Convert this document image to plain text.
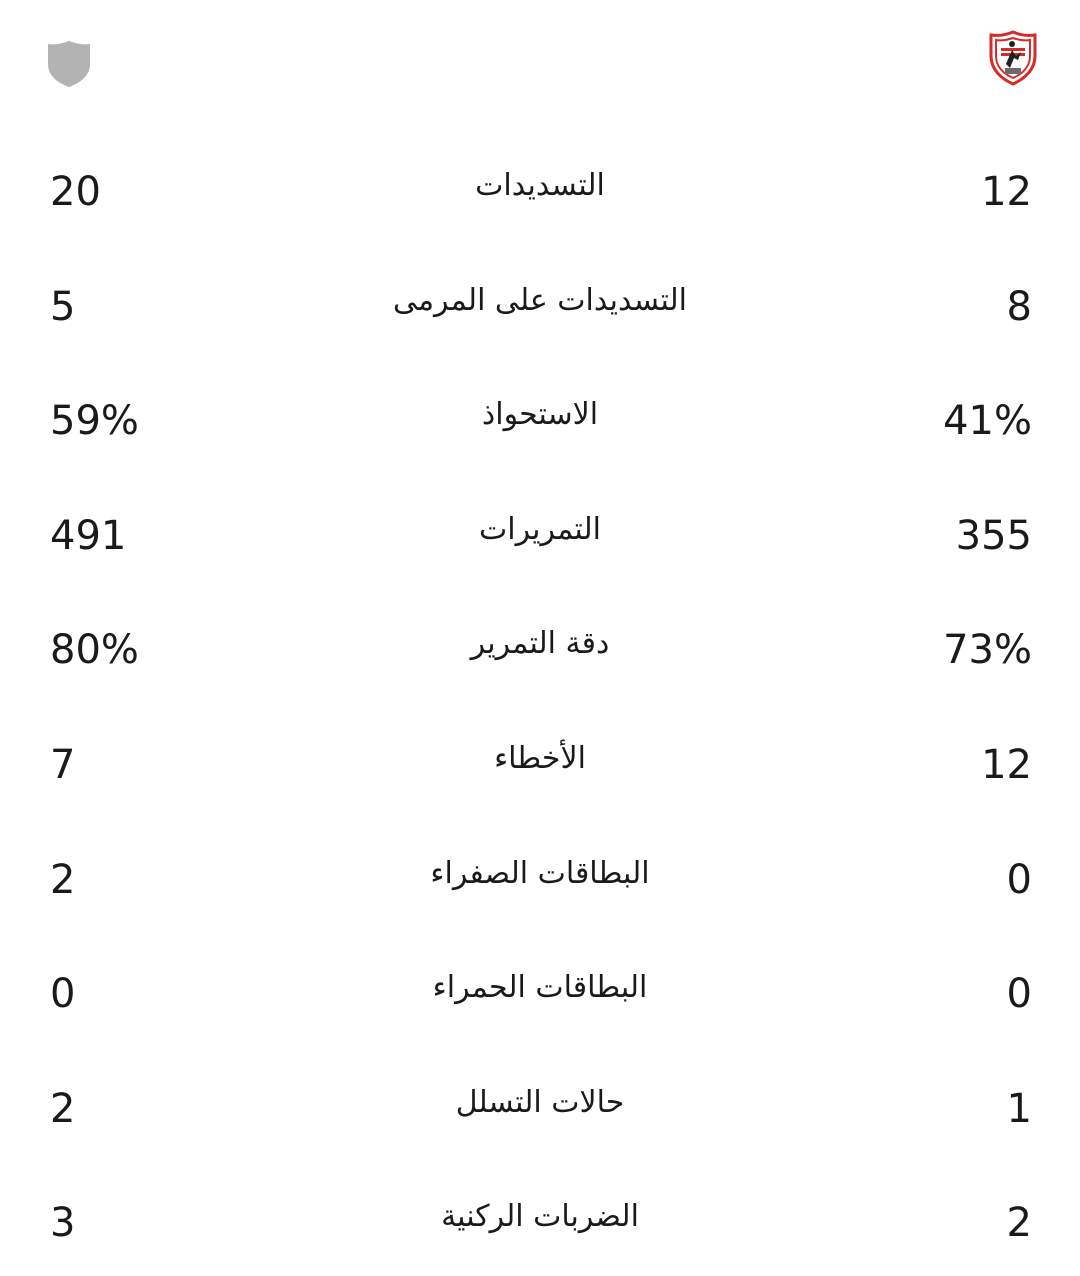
20	التسديدات	12
5	التسديدات على المرمى	8
59%	الاستحواذ	41%
491	التمريرات	355
80%	دقة التمرير	73%
7	الأخطاء	12
2	البطاقات الصفراء	0
0	البطاقات الحمراء	0
2	حالات التسلل	1
3	الضربات الركنية	2
